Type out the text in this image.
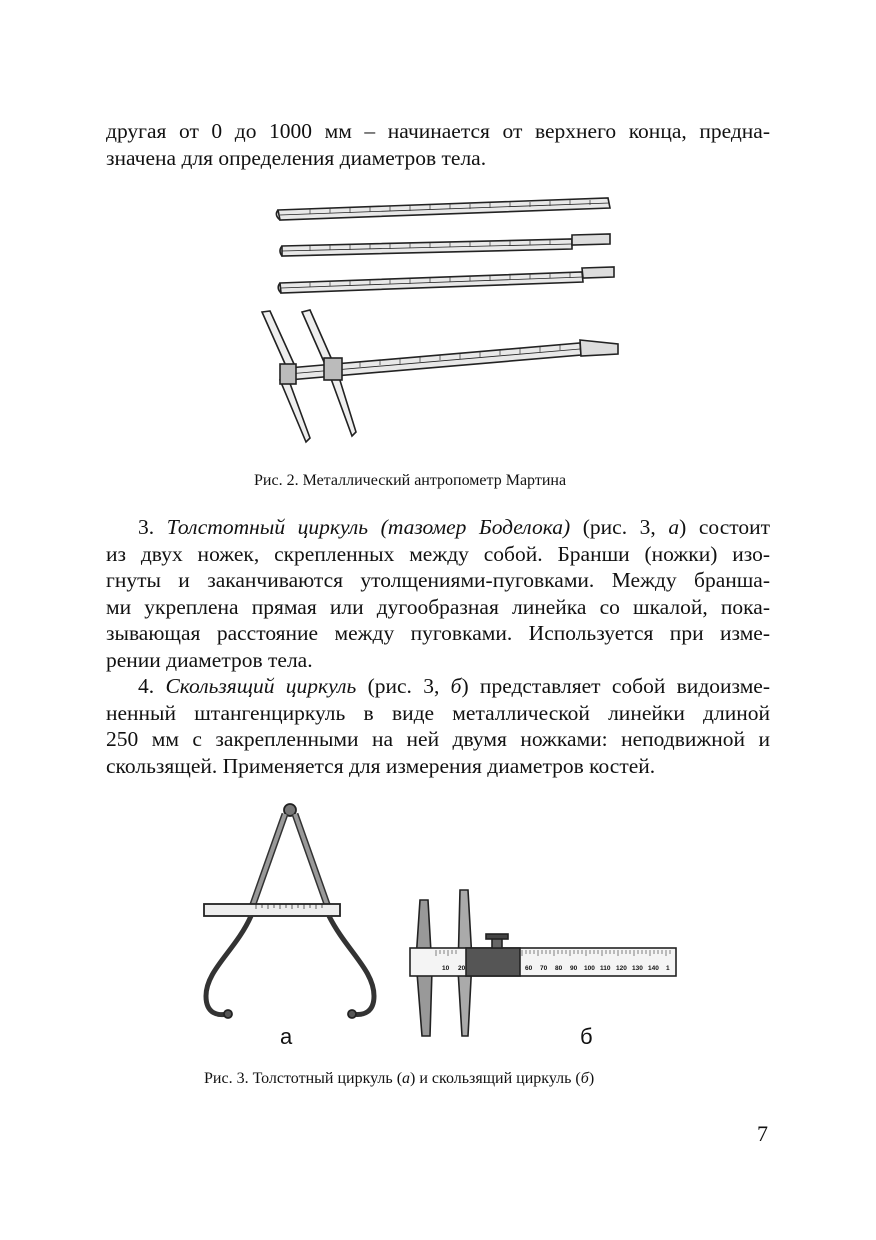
другая от 0 до 1000 мм – начинается от верхнего конца, предна-
значена для определения диаметров тела.
Рис. 2. Металлический антропометр Мартина
3. Толстотный циркуль (тазомер Боделока) (рис. 3, а) состоит
из двух ножек, скрепленных между собой. Бранши (ножки) изо-
гнуты и заканчиваются утолщениями-пуговками. Между бранша-
ми укреплена прямая или дугообразная линейка со шкалой, пока-
зывающая расстояние между пуговками. Используется при изме-
рении диаметров тела.
4. Скользящий циркуль (рис. 3, б) представляет собой видоизме-
ненный штангенциркуль в виде металлической линейки длиной
250 мм с закрепленными на ней двумя ножками: неподвижной и
скользящей. Применяется для измерения диаметров костей.
а
10 20	60 70 80 90 100 110 120 130 140 1
б
Рис. 3. Толстотный циркуль (а) и скользящий циркуль (б)
7
